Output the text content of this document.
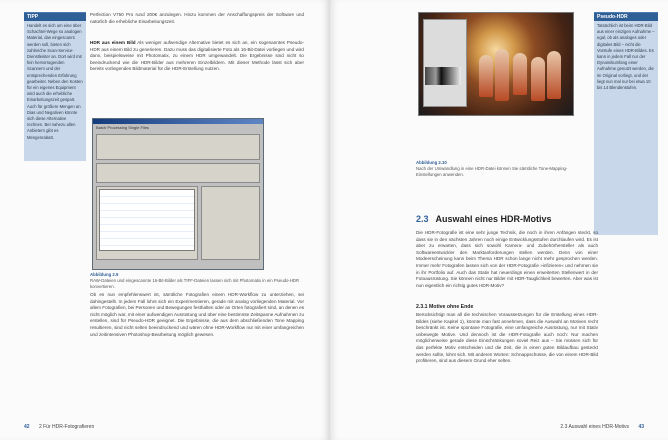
TIPP
Handelt es sich um eine über Schachtel-Wege so analogen Material, das eingescannt werden soll, bieten sich zahlreiche Scan-Service-Dienstleister an. Dort wird mit fein hervorragenden Scannern und der entsprechenden Erfahrung gearbeitet. Neben den Kosten für ein eigenes Equipment wird auch die erhebliche Einarbeitungszeit gespart. Auch für größere Mengen an Dias und Negativen könnte sich diese Alternative rechnen. Bei nahezu allen Anbietern gibt es Mengenrabatt.
Perfection V750 Pro rund 200€ anzulegen. Hinzu kommen der Anschaffungspreis der Software und natürlich die erhebliche Einarbeitungszeit.
HDR aus einem Bild Als weniger aufwendige Alternative bietet es sich an, ein sogenanntes Pseudo-HDR aus einem Bild zu generieren. Dazu muss das digitalisierte Foto als 16-Bit-Datei vorliegen und wird dann, beispielsweise mit Photomatix, zu einem HDR umgewandelt. Die Ergebnisse sind nicht so beeindruckend wie die HDR-Bilder aus mehreren Einzelbildern. Mit dieser Methode lässt sich aber bereits vorliegendes Bildmaterial für die HDR-Erstellung nutzen.
Batch Processing Single Files
Abbildung 2.9
RAW-Dateien und eingescannte 16-Bit-Bilder als TIFF-Dateien lassen sich mit Photomatix in ein Pseudo-HDR konvertieren.
Ob es nun empfehlenswert ist, sämtliche Fotografien einem HDR-Workflow zu unterziehen, sei dahingestellt. In jedem Fall lohnt sich ein Experimentieren, gerade mit analog vorliegenden Material. Vor allem Fotografien, bei Personen und Bewegungen festhalten oder an Orten fotografiert sind, an denen es nicht möglich war, mit einer aufwendigen Ausrüstung und über eine bestimmte Zeitspanne Aufnahmen zu erstellen, sind für Pseudo-HDR geeignet. Die Ergebnisse, die aus dem abschließenden Tone Mapping resultieren, sind nicht selten beeindruckend und wären ohne HDR-Workflow nur mit einer umfangreichen und zeitintensiven Photoshop-Bearbeitung möglich gewesen.
42 2 Für HDR-Fotografieren
Pseudo-HDR
Tatsächlich ist beim HDR-Bild aus einer einzigen Aufnahme – egal, ob als analoges oder digitales Bild – nicht die Vorstufe eines HDR-Bildes. Es kann in jedem Fall nur der Dynamikumfang einer Aufnahme genutzt werden, die im Original vorliegt, und der liegt nun mal nur bei etwa 10 bis 14 Blendenstufen.
Abbildung 2.10
Nach der Umwandlung in eine HDR-Datei können Sie sämtliche Tone-Mapping-Einstellungen anwenden.
2.3 Auswahl eines HDR-Motivs
Die HDR-Fotografie ist eine sehr junge Technik, die noch in ihren Anfängen steckt, so dass sie in den nächsten Jahren noch einige Entwicklungsstufen durchlaufen wird. Es ist aber zu erwarten, dass sich sowohl Kamera- und Zubehörhersteller als auch Softwareentwickler den Marktanforderungen stellen werden. Denn von einer Modeerscheinung kann beim Thema HDR schon lange nicht mehr gesprochen werden. Immer mehr Fotografen lassen sich von der HDR-Fotografie »infizieren« und nehmen sie in ihr Portfolio auf. Auch das Stativ hat neuerdings einen erweiterten Stellenwert in der Fotoausrüstung. Sie können nicht nur Bilder mit HDR-Tauglichkeit bewerten. Aber was ist nun eigentlich ein richtig gutes HDR-Motiv?
2.3.1 Motive ohne Ende
Berücksichtigt man all die technischen Voraussetzungen für die Erstellung eines HDR-Bildes (siehe Kapitel 1), könnte man fast annehmen, dass die Auswahl an Motiven recht beschränkt ist. Keine spontane Fotografie, eine umfangreiche Ausrüstung, nur mit Stativ unbewegte Motive. Und dennoch ist die HDR-Fotografie auch noch: Nur machen möglicherweise gerade diese Einschränkungen soviel Reiz aus – Sie müssen sich für das perfekte Motiv entscheiden und die Zeit, die in einen guten Bildaufbau gesteckt werden sollte, lohnt sich. Mit anderen Worten: Schnappschüsse, die von einem HDR-Bild profitieren, sind aus diesem Grund eher selten.
2.3 Auswahl eines HDR-Motivs 43
